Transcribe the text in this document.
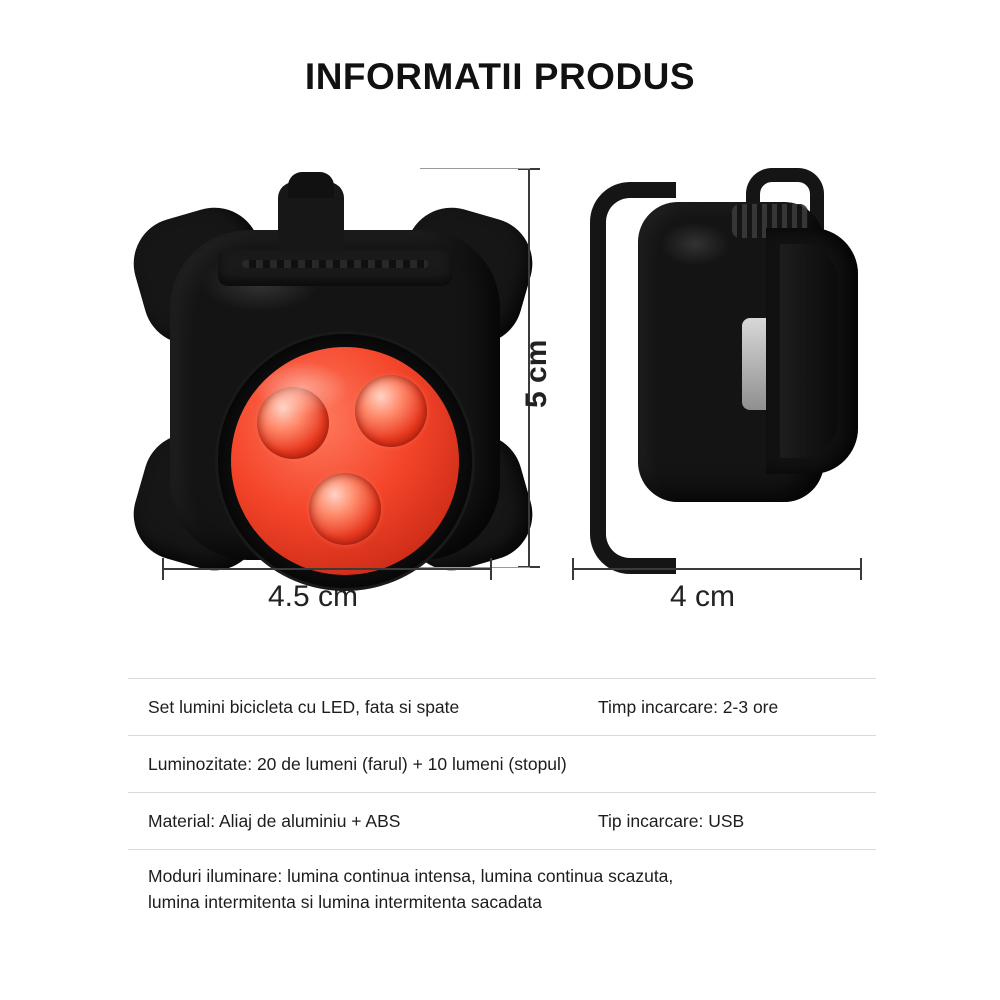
INFORMATII PRODUS
5 cm
4.5 cm	4 cm
Set lumini bicicleta cu LED, fata si spate	Timp incarcare: 2-3 ore
Luminozitate: 20 de lumeni (farul) + 10 lumeni (stopul)
Material: Aliaj de aluminiu + ABS	Tip incarcare: USB
Moduri iluminare: lumina continua intensa, lumina continua scazuta,
lumina intermitenta si lumina intermitenta sacadata
